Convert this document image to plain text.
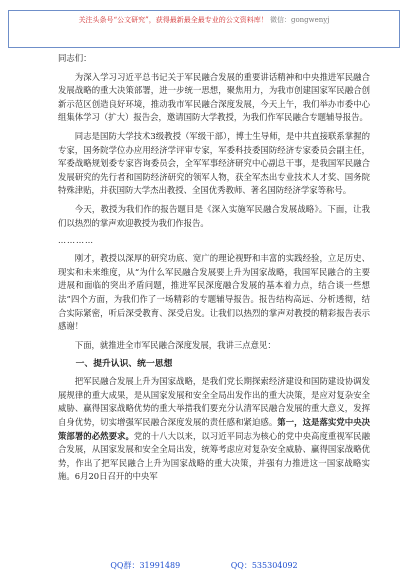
关注头条号“公文研究”，获得最新最全最专业的公文资料库！ 微信：gongwenyj

同志们：

为深入学习习近平总书记关于军民融合发展的重要讲话精神和中央推进军民融合发展战略的重大决策部署，进一步统一思想，聚焦用力，为我市创建国家军民融合创新示范区创造良好环境，推动我市军民融合深度发展，今天上午，我们举办市委中心组集体学习（扩大）报告会，邀请国防大学教授，为我们作军民融合专题辅导报告。

同志是国防大学技术3级教授（军级干部），博士生导师，是中共直接联系掌握的专家，国务院学位办应用经济学评审专家，军委科技委国防经济专家委员会副主任，军委战略规划委专家咨询委员会，全军军事经济研究中心副总干事，是我国军民融合发展研究的先行者和国防经济研究的领军人物，获全军杰出专业技术人才奖、国务院特殊津贴，并获国防大学杰出教授、全国优秀教师、著名国防经济学家等称号。

今天，教授为我们作的报告题目是《深入实施军民融合发展战略》。下面，让我们以热烈的掌声欢迎教授为我们作报告。

…………

刚才，教授以深厚的研究功底、宽广的理论视野和丰富的实践经验，立足历史、现实和未来维度，从“为什么军民融合发展要上升为国家战略，我国军民融合的主要进展和面临的突出矛盾问题，推进军民深度融合发展的基本着力点，结合谈一些想法”四个方面，为我们作了一场精彩的专题辅导报告。报告结构高远、分析透彻，结合实际紧密，听后深受教育、深受启发。让我们以热烈的掌声对教授的精彩报告表示感谢！

下面，就推进全市军民融合深度发展，我讲三点意见：

一、提升认识、统一思想

把军民融合发展上升为国家战略，是我们党长期探索经济建设和国防建设协调发展规律的重大成果，是从国家发展和安全全局出发作出的重大决策，是应对复杂安全威胁、赢得国家战略优势的重大举措我们要充分认清军民融合发展的重大意义，发挥自身优势，切实增强军民融合深度发展的责任感和紧迫感。第一，这是落实党中央决策部署的必然要求。党的十八大以来，以习近平同志为核心的党中央高度重视军民融合发展，从国家发展和安全全局出发，统筹考虑应对复杂安全威胁、赢得国家战略优势，作出了把军民融合上升为国家战略的重大决策，并强有力推进这一国家战略实施。6月20日召开的中央军

QQ群：31991489	QQ：535304092
